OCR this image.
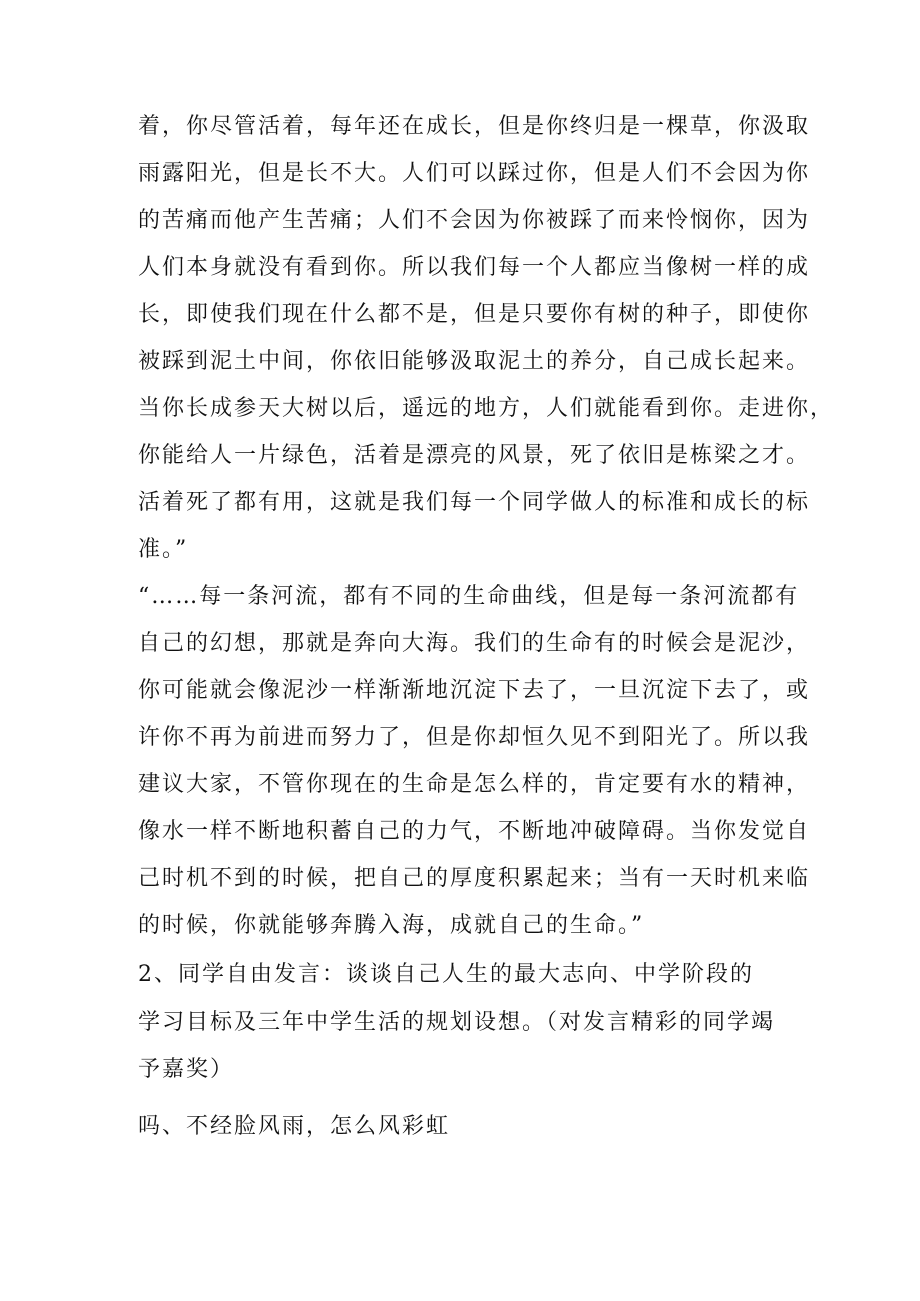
着，你尽管活着，每年还在成长，但是你终归是一棵草，你汲取

雨露阳光，但是长不大。人们可以踩过你，但是人们不会因为你

的苦痛而他产生苦痛；人们不会因为你被踩了而来怜悯你，因为

人们本身就没有看到你。所以我们每一个人都应当像树一样的成

长，即使我们现在什么都不是，但是只要你有树的种子，即使你

被踩到泥土中间，你依旧能够汲取泥土的养分，自己成长起来。

当你长成参天大树以后，遥远的地方，人们就能看到你。走进你，

你能给人一片绿色，活着是漂亮的风景，死了依旧是栋梁之才。

活着死了都有用，这就是我们每一个同学做人的标准和成长的标

准。”

“……每一条河流，都有不同的生命曲线，但是每一条河流都有

自己的幻想，那就是奔向大海。我们的生命有的时候会是泥沙，

你可能就会像泥沙一样渐渐地沉淀下去了，一旦沉淀下去了，或

许你不再为前进而努力了，但是你却恒久见不到阳光了。所以我

建议大家，不管你现在的生命是怎么样的，肯定要有水的精神，

像水一样不断地积蓄自己的力气，不断地冲破障碍。当你发觉自

己时机不到的时候，把自己的厚度积累起来；当有一天时机来临

的时候，你就能够奔腾入海，成就自己的生命。”

2、同学自由发言：谈谈自己人生的最大志向、中学阶段的

学习目标及三年中学生活的规划设想。（对发言精彩的同学竭

予嘉奖）

吗、不经脸风雨，怎么风彩虹
